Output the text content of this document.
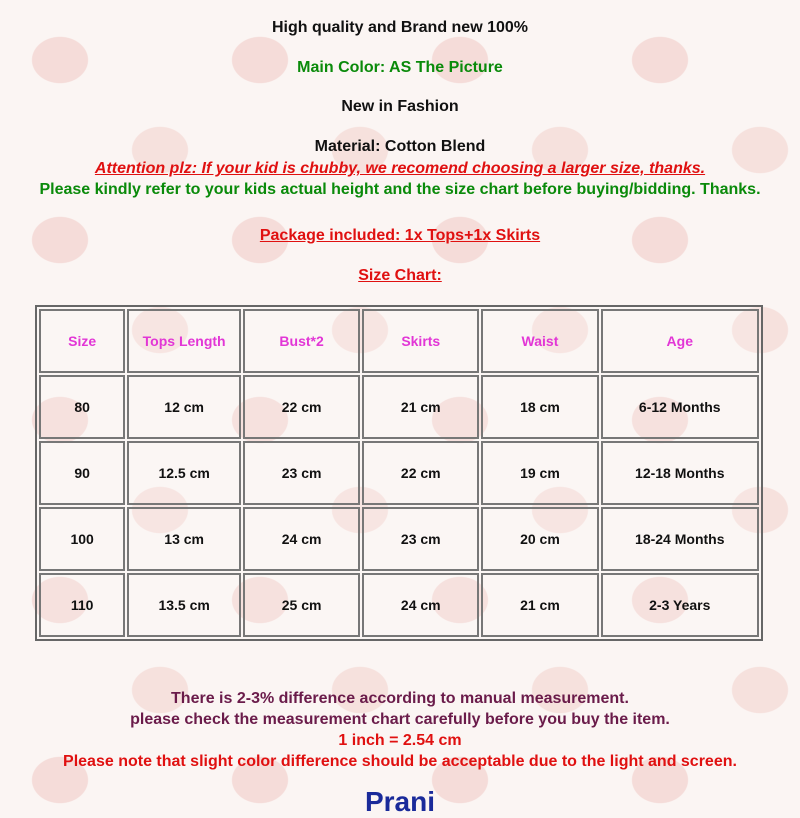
High quality and Brand new 100%
Main Color: AS The Picture
New in Fashion
Material: Cotton Blend
Attention plz: If your kid is chubby, we recomend choosing a larger size, thanks.
Please kindly refer to your kids actual height and the size chart before buying/bidding. Thanks.
Package included: 1x Tops+1x Skirts
Size Chart:
Size	Tops Length	Bust*2	Skirts	Waist	Age
80	12 cm	22 cm	21 cm	18 cm	6-12 Months
90	12.5 cm	23 cm	22 cm	19 cm	12-18 Months
100	13 cm	24 cm	23 cm	20 cm	18-24 Months
110	13.5 cm	25 cm	24 cm	21 cm	2-3 Years
There is 2-3% difference according to manual measurement.
please check the measurement chart carefully before you buy the item.
1 inch = 2.54 cm
Please note that slight color difference should be acceptable due to the light and screen.
Prani
